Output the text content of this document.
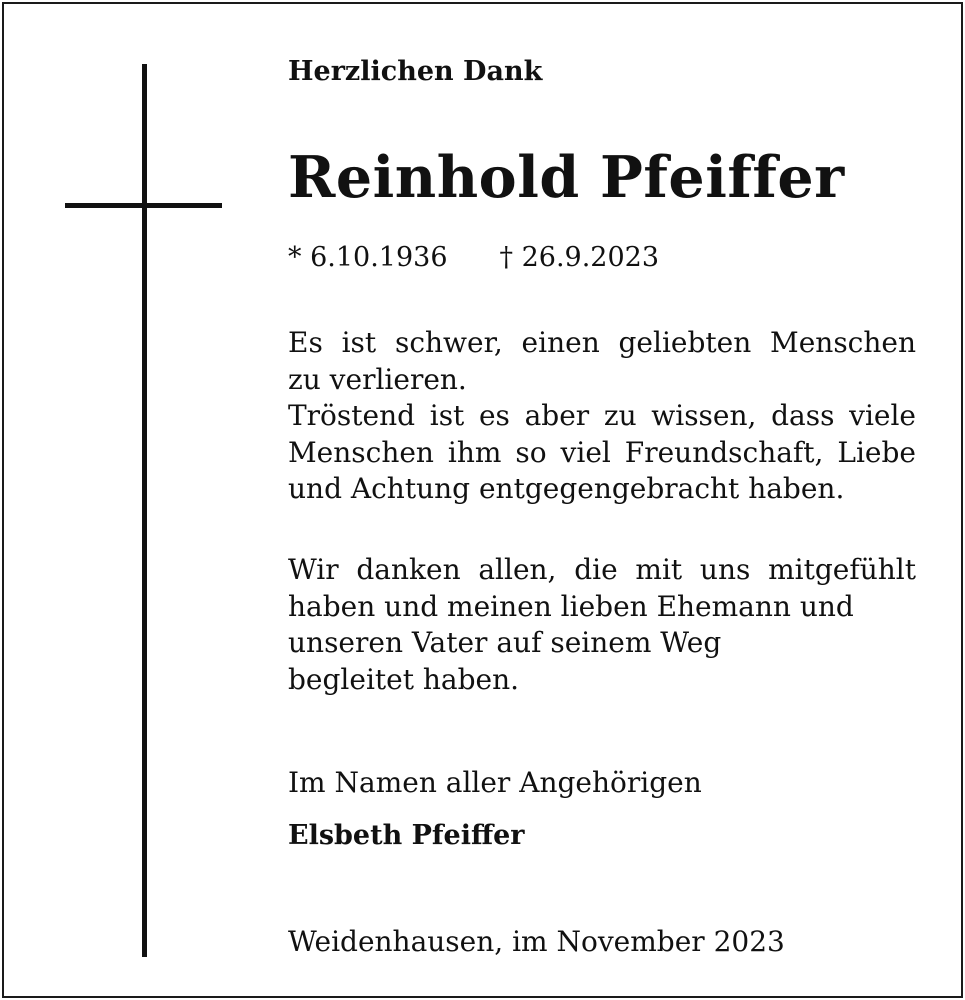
Herzlichen Dank
Reinhold Pfeiffer
* 6.10.1936 † 26.9.2023
Es ist schwer, einen geliebten Menschen
zu verlieren.
Tröstend ist es aber zu wissen, dass viele
Menschen ihm so viel Freundschaft, Liebe
und Achtung entgegengebracht haben.
Wir danken allen, die mit uns mitgefühlt
haben und meinen lieben Ehemann und
unseren Vater auf seinem Weg
begleitet haben.
Im Namen aller Angehörigen
Elsbeth Pfeiffer
Weidenhausen, im November 2023
